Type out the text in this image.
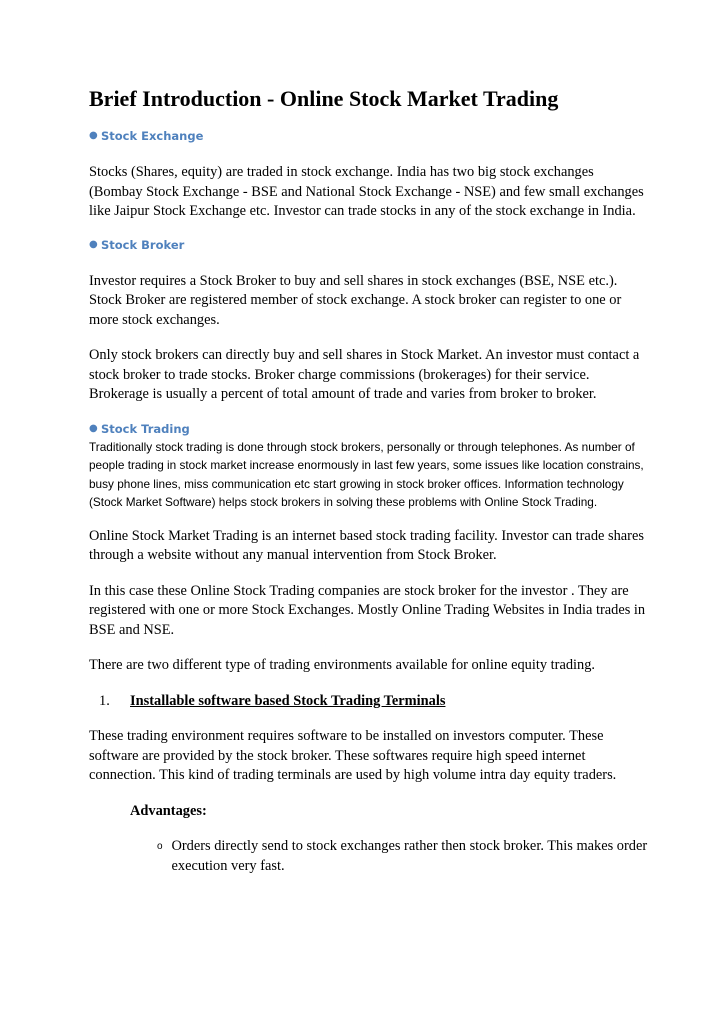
Brief Introduction - Online Stock Market Trading
● Stock Exchange

Stocks (Shares, equity) are traded in stock exchange. India has two big stock exchanges (Bombay Stock Exchange - BSE and National Stock Exchange - NSE) and few small exchanges like Jaipur Stock Exchange etc. Investor can trade stocks in any of the stock exchange in India.

● Stock Broker

Investor requires a Stock Broker to buy and sell shares in stock exchanges (BSE, NSE etc.). Stock Broker are registered member of stock exchange. A stock broker can register to one or more stock exchanges.

Only stock brokers can directly buy and sell shares in Stock Market. An investor must contact a stock broker to trade stocks. Broker charge commissions (brokerages) for their service. Brokerage is usually a percent of total amount of trade and varies from broker to broker.

● Stock Trading

Traditionally stock trading is done through stock brokers, personally or through telephones. As number of people trading in stock market increase enormously in last few years, some issues like location constrains, busy phone lines, miss communication etc start growing in stock broker offices. Information technology (Stock Market Software) helps stock brokers in solving these problems with Online Stock Trading.

Online Stock Market Trading is an internet based stock trading facility. Investor can trade shares through a website without any manual intervention from Stock Broker.

In this case these Online Stock Trading companies are stock broker for the investor . They are registered with one or more Stock Exchanges. Mostly Online Trading Websites in India trades in BSE and NSE.

There are two different type of trading environments available for online equity trading.

1.	Installable software based Stock Trading Terminals

These trading environment requires software to be installed on investors computer. These software are provided by the stock broker. These softwares require high speed internet connection. This kind of trading terminals are used by high volume intra day equity traders.

Advantages:
o Orders directly send to stock exchanges rather then stock broker. This makes order execution very fast.
